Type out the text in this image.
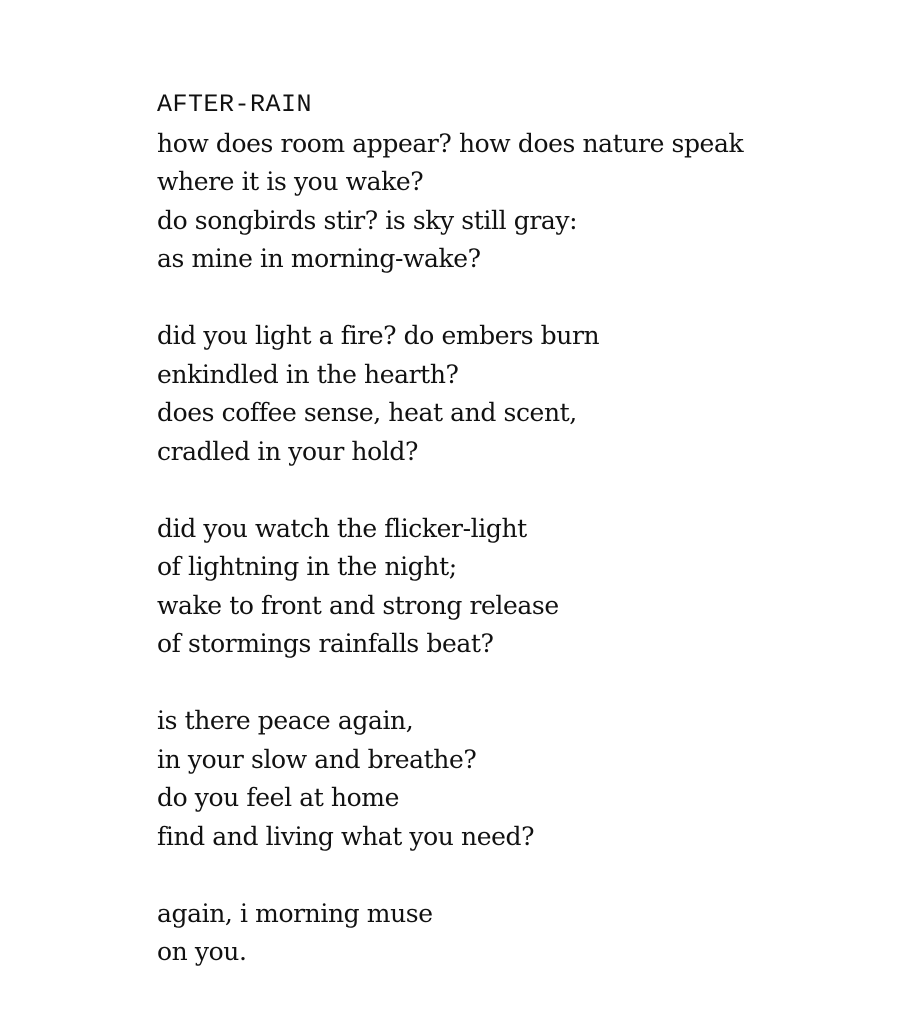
AFTER-RAIN
how does room appear? how does nature speak
where it is you wake?
do songbirds stir? is sky still gray:
as mine in morning-wake?
did you light a fire? do embers burn
enkindled in the hearth?
does coffee sense, heat and scent,
cradled in your hold?
did you watch the flicker-light
of lightning in the night;
wake to front and strong release
of stormings rainfalls beat?
is there peace again,
in your slow and breathe?
do you feel at home
find and living what you need?
again, i morning muse
on you.
